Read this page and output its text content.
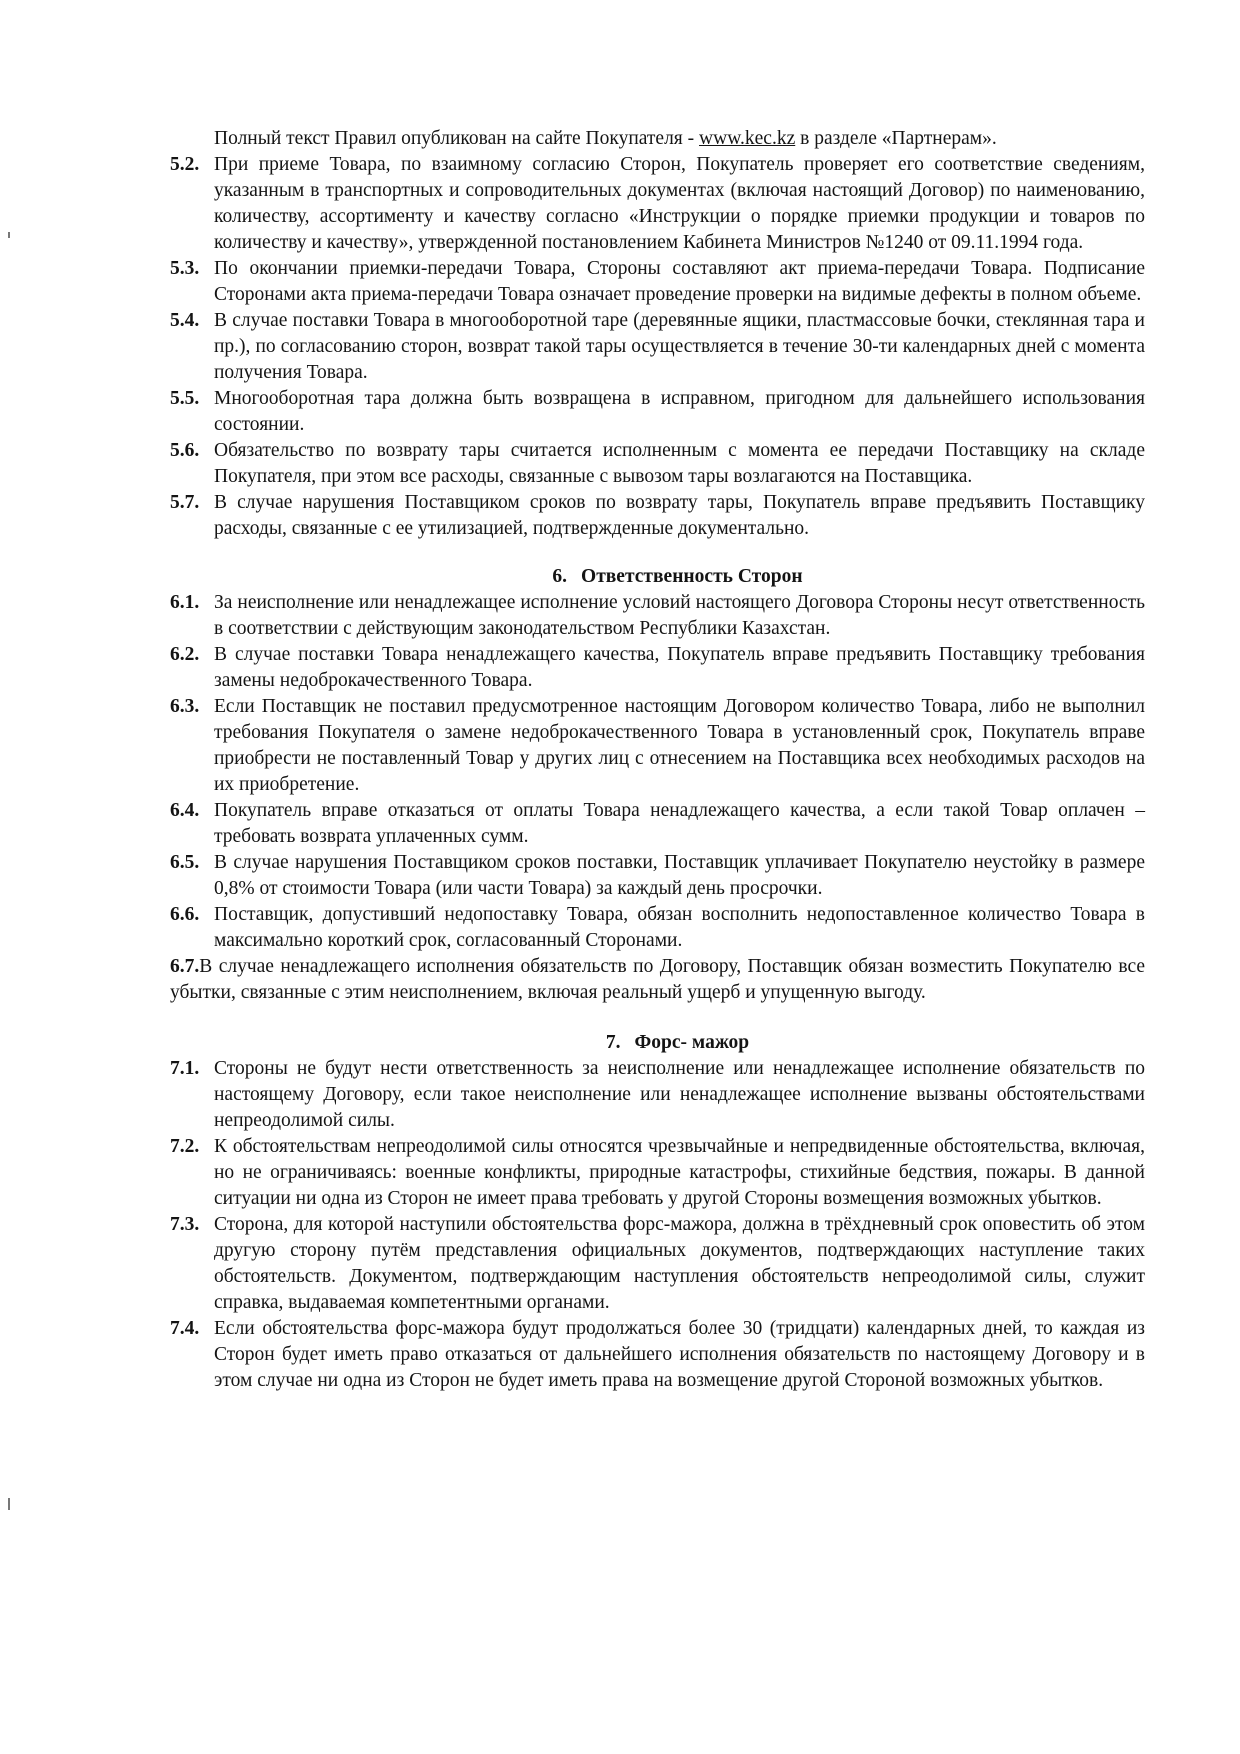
Полный текст Правил опубликован на сайте Покупателя - www.kec.kz в разделе «Партнерам».

5.2. При приеме Товара, по взаимному согласию Сторон, Покупатель проверяет его соответствие сведениям, указанным в транспортных и сопроводительных документах (включая настоящий Договор) по наименованию, количеству, ассортименту и качеству согласно «Инструкции о порядке приемки продукции и товаров по количеству и качеству», утвержденной постановлением Кабинета Министров №1240 от 09.11.1994 года.

5.3. По окончании приемки-передачи Товара, Стороны составляют акт приема-передачи Товара. Подписание Сторонами акта приема-передачи Товара означает проведение проверки на видимые дефекты в полном объеме.

5.4. В случае поставки Товара в многооборотной таре (деревянные ящики, пластмассовые бочки, стеклянная тара и пр.), по согласованию сторон, возврат такой тары осуществляется в течение 30-ти календарных дней с момента получения Товара.

5.5. Многооборотная тара должна быть возвращена в исправном, пригодном для дальнейшего использования состоянии.

5.6. Обязательство по возврату тары считается исполненным с момента ее передачи Поставщику на складе Покупателя, при этом все расходы, связанные с вывозом тары возлагаются на Поставщика.

5.7. В случае нарушения Поставщиком сроков по возврату тары, Покупатель вправе предъявить Поставщику расходы, связанные с ее утилизацией, подтвержденные документально.

6. Ответственность Сторон

6.1. За неисполнение или ненадлежащее исполнение условий настоящего Договора Стороны несут ответственность в соответствии с действующим законодательством Республики Казахстан.

6.2. В случае поставки Товара ненадлежащего качества, Покупатель вправе предъявить Поставщику требования замены недоброкачественного Товара.

6.3. Если Поставщик не поставил предусмотренное настоящим Договором количество Товара, либо не выполнил требования Покупателя о замене недоброкачественного Товара в установленный срок, Покупатель вправе приобрести не поставленный Товар у других лиц с отнесением на Поставщика всех необходимых расходов на их приобретение.

6.4. Покупатель вправе отказаться от оплаты Товара ненадлежащего качества, а если такой Товар оплачен – требовать возврата уплаченных сумм.

6.5. В случае нарушения Поставщиком сроков поставки, Поставщик уплачивает Покупателю неустойку в размере 0,8% от стоимости Товара (или части Товара) за каждый день просрочки.

6.6. Поставщик, допустивший недопоставку Товара, обязан восполнить недопоставленное количество Товара в максимально короткий срок, согласованный Сторонами.

6.7.В случае ненадлежащего исполнения обязательств по Договору, Поставщик обязан возместить Покупателю все убытки, связанные с этим неисполнением, включая реальный ущерб и упущенную выгоду.

7. Форс- мажор

7.1. Стороны не будут нести ответственность за неисполнение или ненадлежащее исполнение обязательств по настоящему Договору, если такое неисполнение или ненадлежащее исполнение вызваны обстоятельствами непреодолимой силы.

7.2. К обстоятельствам непреодолимой силы относятся чрезвычайные и непредвиденные обстоятельства, включая, но не ограничиваясь: военные конфликты, природные катастрофы, стихийные бедствия, пожары. В данной ситуации ни одна из Сторон не имеет права требовать у другой Стороны возмещения возможных убытков.

7.3. Сторона, для которой наступили обстоятельства форс-мажора, должна в трёхдневный срок оповестить об этом другую сторону путём представления официальных документов, подтверждающих наступление таких обстоятельств. Документом, подтверждающим наступления обстоятельств непреодолимой силы, служит справка, выдаваемая компетентными органами.

7.4. Если обстоятельства форс-мажора будут продолжаться более 30 (тридцати) календарных дней, то каждая из Сторон будет иметь право отказаться от дальнейшего исполнения обязательств по настоящему Договору и в этом случае ни одна из Сторон не будет иметь права на возмещение другой Стороной возможных убытков.
